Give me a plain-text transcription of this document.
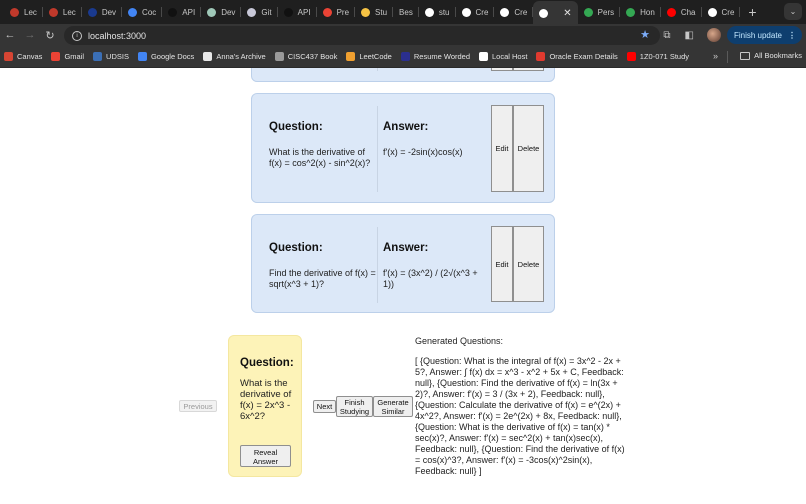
Lec	Lec	Dev	Coc	API	Dev	Git	API	Pre	Stu Bes	stu	Cre	Cre	✕	Pers	Hon	Cha	Cre	+	⌄
← → ↻	i	localhost:3000	★ ⧉ ◧	Finish update ⋮
Canvas	Gmail	UDSIS	Google Docs	Anna's Archive	CISC437 Book	LeetCode	Resume Worded	Local Host	Oracle Exam Details	1Z0-071 Study	»	All Bookmarks
Question:

What is the derivative of f(x) = cos^2(x) - sin^2(x)?

Answer:

f'(x) = -2sin(x)cos(x)	Edit	Delete
Question:

Find the derivative of f(x) = sqrt(x^3 + 1)?

Answer:

f'(x) = (3x^2) / (2√(x^3 + 1))

Edit	Delete
Previous
Question:

What is the derivative of f(x) = 2x^3 - 6x^2?

Reveal Answer
Next	Finish Studying
Generate Similar
Generated Questions:
[ {Question: What is the integral of f(x) = 3x^2 - 2x + 5?, Answer: ∫ f(x) dx = x^3 - x^2 + 5x + C, Feedback: null}, {Question: Find the derivative of f(x) = ln(3x + 2)?, Answer: f'(x) = 3 / (3x + 2), Feedback: null}, {Question: Calculate the derivative of f(x) = e^(2x) + 4x^2?, Answer: f'(x) = 2e^(2x) + 8x, Feedback: null}, {Question: What is the derivative of f(x) = tan(x) * sec(x)?, Answer: f'(x) = sec^2(x) + tan(x)sec(x), Feedback: null}, {Question: Find the derivative of f(x) = cos(x)^3?, Answer: f'(x) = -3cos(x)^2sin(x), Feedback: null} ]
